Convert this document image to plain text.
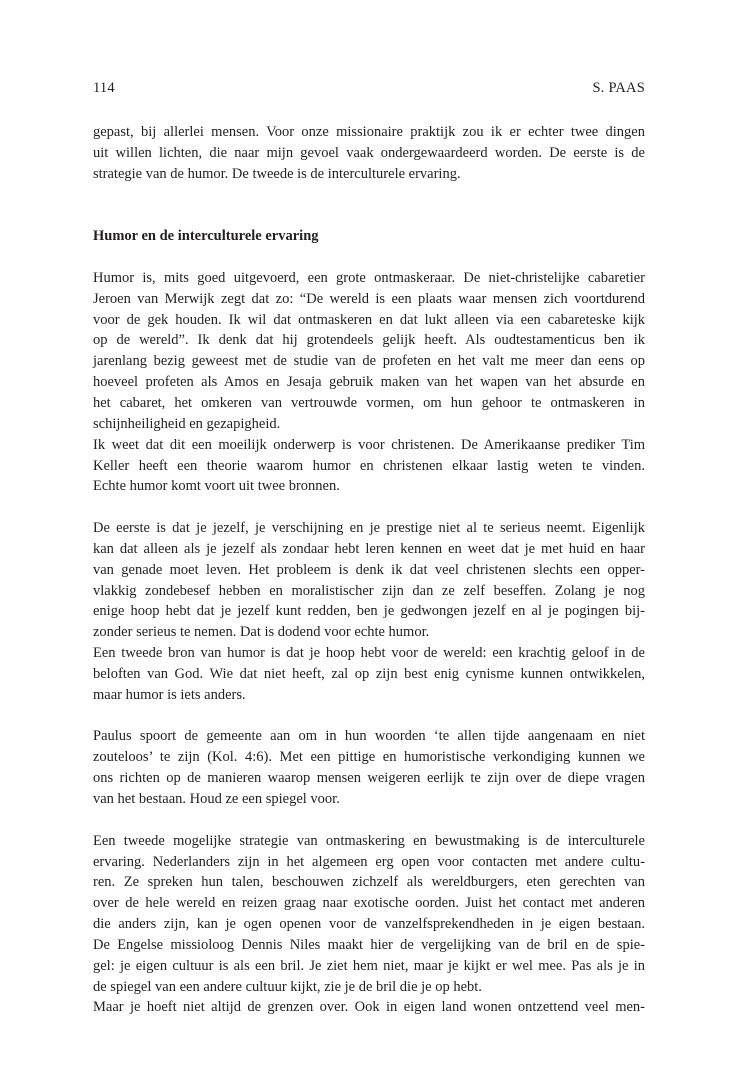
114	S. PAAS

gepast, bij allerlei mensen. Voor onze missionaire praktijk zou ik er echter twee dingen
uit willen lichten, die naar mijn gevoel vaak ondergewaardeerd worden. De eerste is de
strategie van de humor. De tweede is de interculturele ervaring.

Humor en de interculturele ervaring

Humor is, mits goed uitgevoerd, een grote ontmaskeraar. De niet-christelijke cabaretier
Jeroen van Merwijk zegt dat zo: “De wereld is een plaats waar mensen zich voortdurend
voor de gek houden. Ik wil dat ontmaskeren en dat lukt alleen via een cabareteske kijk
op de wereld”. Ik denk dat hij grotendeels gelijk heeft. Als oudtestamenticus ben ik
jarenlang bezig geweest met de studie van de profeten en het valt me meer dan eens op
hoeveel profeten als Amos en Jesaja gebruik maken van het wapen van het absurde en
het cabaret, het omkeren van vertrouwde vormen, om hun gehoor te ontmaskeren in
schijnheiligheid en gezapigheid.

Ik weet dat dit een moeilijk onderwerp is voor christenen. De Amerikaanse prediker Tim
Keller heeft een theorie waarom humor en christenen elkaar lastig weten te vinden.
Echte humor komt voort uit twee bronnen.

De eerste is dat je jezelf, je verschijning en je prestige niet al te serieus neemt. Eigenlijk
kan dat alleen als je jezelf als zondaar hebt leren kennen en weet dat je met huid en haar
van genade moet leven. Het probleem is denk ik dat veel christenen slechts een opper-
vlakkig zondebesef hebben en moralistischer zijn dan ze zelf beseffen. Zolang je nog
enige hoop hebt dat je jezelf kunt redden, ben je gedwongen jezelf en al je pogingen bij-
zonder serieus te nemen. Dat is dodend voor echte humor.

Een tweede bron van humor is dat je hoop hebt voor de wereld: een krachtig geloof in de
beloften van God. Wie dat niet heeft, zal op zijn best enig cynisme kunnen ontwikkelen,
maar humor is iets anders.

Paulus spoort de gemeente aan om in hun woorden ‘te allen tijde aangenaam en niet
zouteloos’ te zijn (Kol. 4:6). Met een pittige en humoristische verkondiging kunnen we
ons richten op de manieren waarop mensen weigeren eerlijk te zijn over de diepe vragen
van het bestaan. Houd ze een spiegel voor.

Een tweede mogelijke strategie van ontmaskering en bewustmaking is de interculturele
ervaring. Nederlanders zijn in het algemeen erg open voor contacten met andere cultu-
ren. Ze spreken hun talen, beschouwen zichzelf als wereldburgers, eten gerechten van
over de hele wereld en reizen graag naar exotische oorden. Juist het contact met anderen
die anders zijn, kan je ogen openen voor de vanzelfsprekendheden in je eigen bestaan.
De Engelse missioloog Dennis Niles maakt hier de vergelijking van de bril en de spie-
gel: je eigen cultuur is als een bril. Je ziet hem niet, maar je kijkt er wel mee. Pas als je in
de spiegel van een andere cultuur kijkt, zie je de bril die je op hebt.

Maar je hoeft niet altijd de grenzen over. Ook in eigen land wonen ontzettend veel men-
